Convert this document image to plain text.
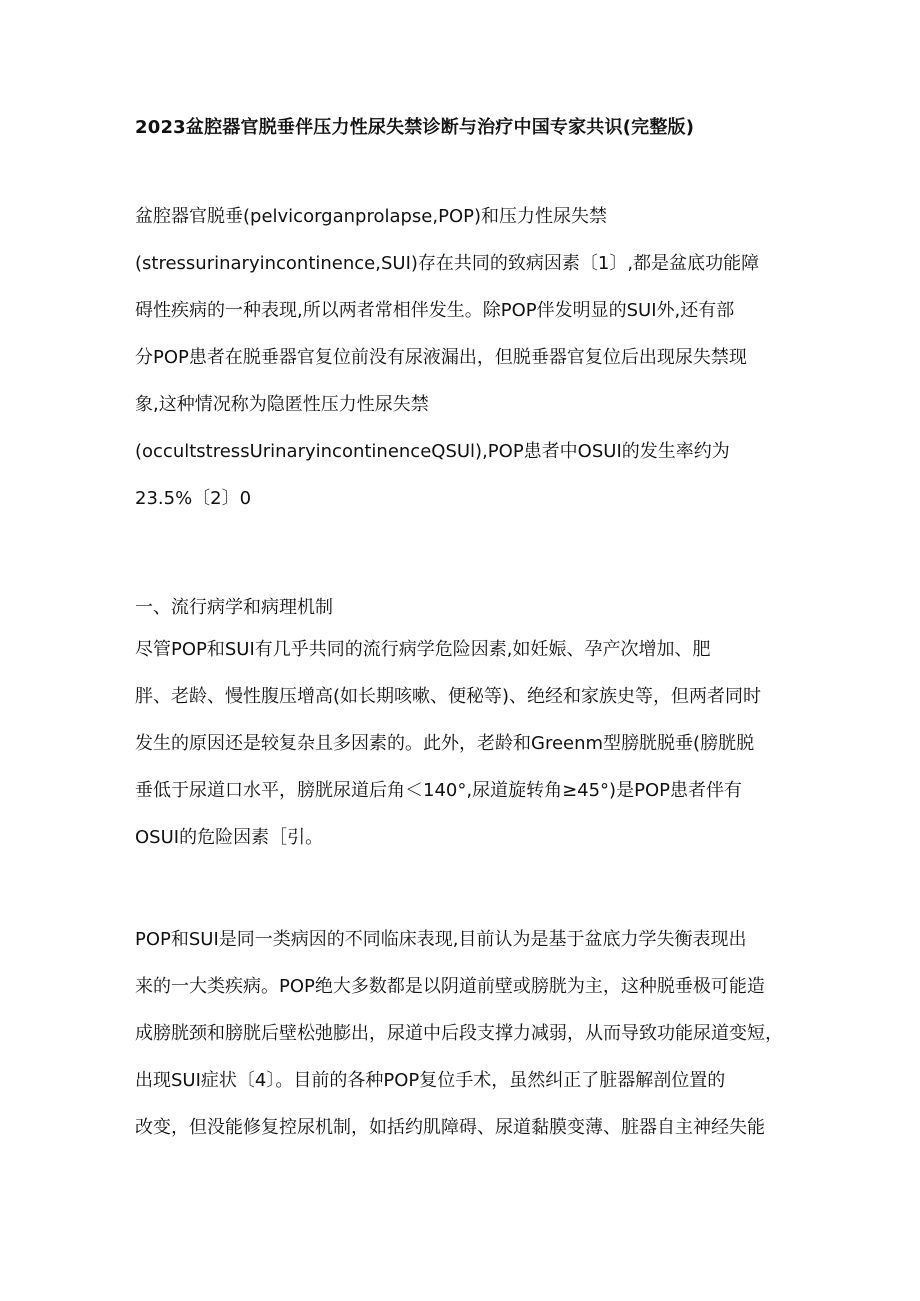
2023盆腔器官脱垂伴压力性尿失禁诊断与治疗中国专家共识(完整版)
盆腔器官脱垂(pelvicorganprolapse,POP)和压力性尿失禁
(stressurinaryincontinence,SUI)存在共同的致病因素〔1〕,都是盆底功能障
碍性疾病的一种表现,所以两者常相伴发生。除POP伴发明显的SUI外,还有部
分POP患者在脱垂器官复位前没有尿液漏出，但脱垂器官复位后出现尿失禁现
象,这种情况称为隐匿性压力性尿失禁
(occultstressUrinaryincontinenceQSUl),POP患者中OSUI的发生率约为
23.5%〔2〕0
一、流行病学和病理机制
尽管POP和SUI有几乎共同的流行病学危险因素,如妊娠、孕产次增加、肥
胖、老龄、慢性腹压增高(如长期咳嗽、便秘等)、绝经和家族史等，但两者同时
发生的原因还是较复杂且多因素的。此外，老龄和Greenm型膀胱脱垂(膀胱脱
垂低于尿道口水平，膀胱尿道后角＜140°,尿道旋转角≥45°)是POP患者伴有
OSUI的危险因素［引。
POP和SUI是同一类病因的不同临床表现,目前认为是基于盆底力学失衡表现出
来的一大类疾病。POP绝大多数都是以阴道前壁或膀胱为主，这种脱垂极可能造
成膀胱颈和膀胱后壁松弛膨出，尿道中后段支撑力减弱，从而导致功能尿道变短，
出现SUI症状〔4〕。目前的各种POP复位手术，虽然纠正了脏器解剖位置的
改变，但没能修复控尿机制，如括约肌障碍、尿道黏膜变薄、脏器自主神经失能
